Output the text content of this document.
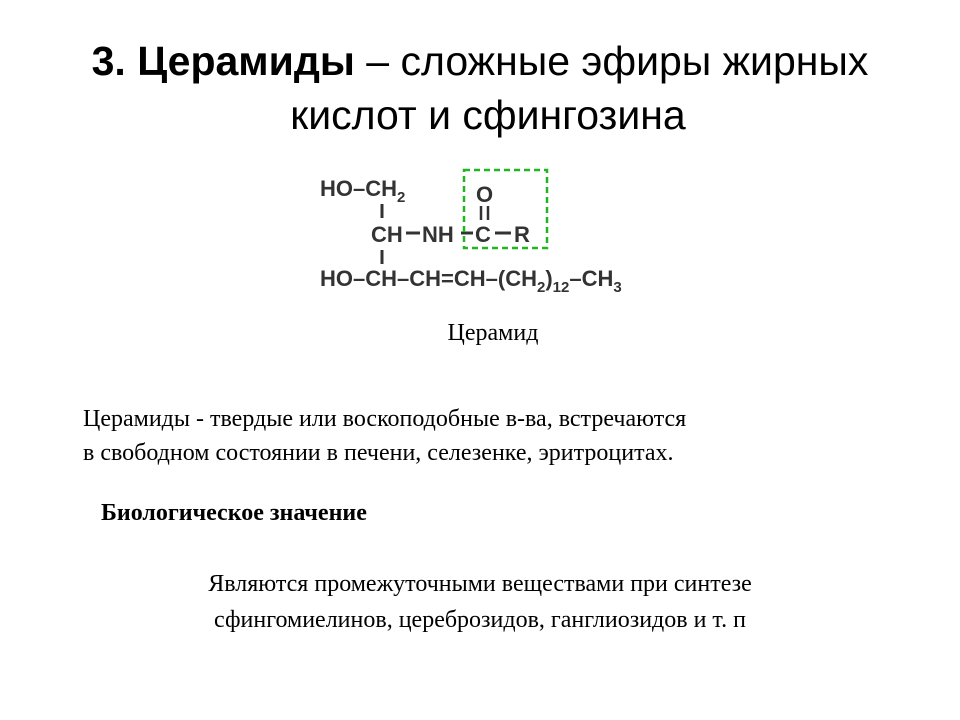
3. Церамиды – сложные эфиры жирных
кислот и сфингозина
$HO-CH_2$
CH NH
O
C R
$HO-CH-CH=CH-(CH_2)_{12}-CH_3$
Церамид
Церамиды - твердые или воскоподобные в-ва, встречаются
в свободном состоянии в печени, селезенке, эритроцитах.
Биологическое значение
Являются промежуточными веществами при синтезе
сфингомиелинов, цереброзидов, ганглиозидов и т. п
